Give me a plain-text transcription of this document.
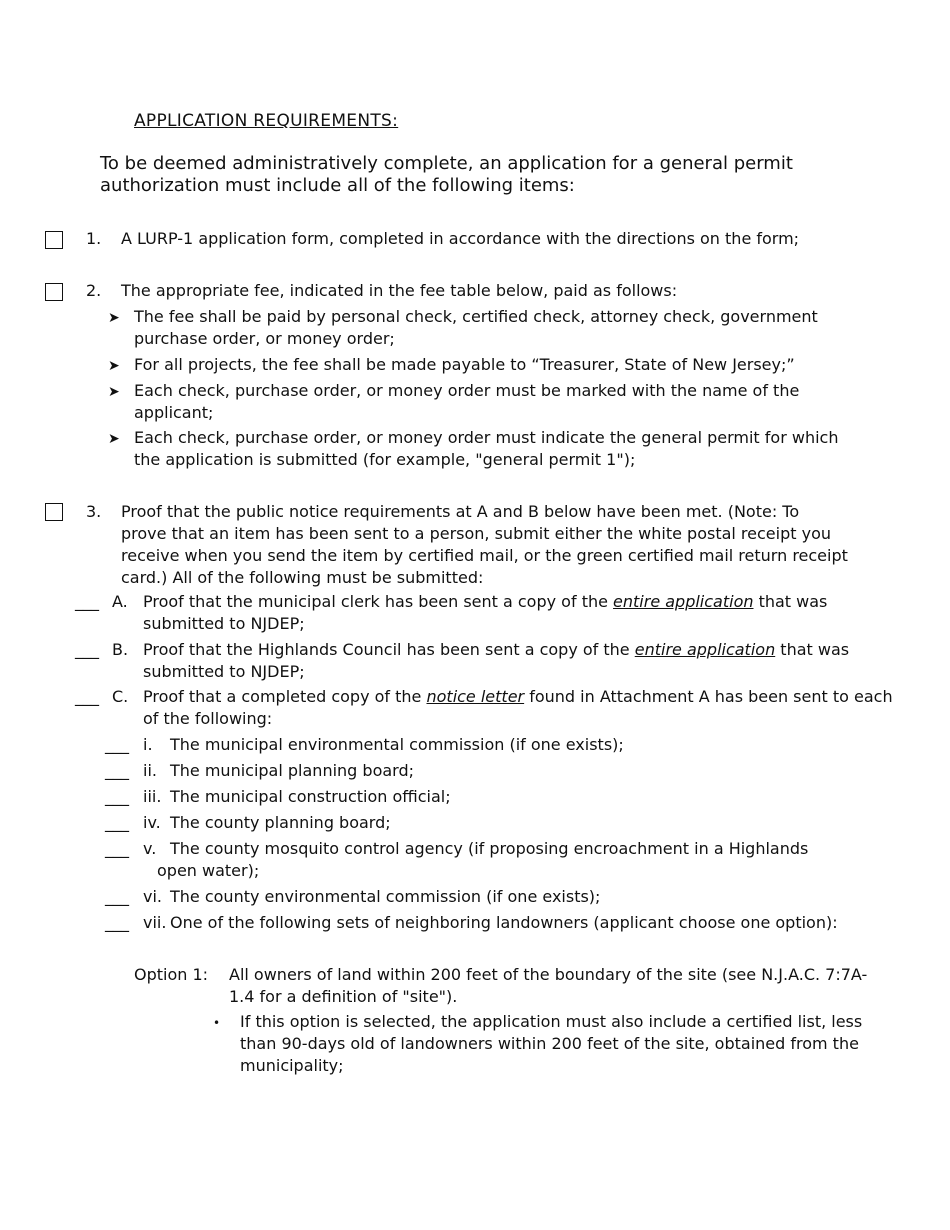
APPLICATION REQUIREMENTS:
To be deemed administratively complete, an application for a general permit
authorization must include all of the following items:
1. A LURP-1 application form, completed in accordance with the directions on the form;
2. The appropriate fee, indicated in the fee table below, paid as follows:
➤ The fee shall be paid by personal check, certified check, attorney check, government
purchase order, or money order;
➤ For all projects, the fee shall be made payable to “Treasurer, State of New Jersey;”
➤ Each check, purchase order, or money order must be marked with the name of the
applicant;
➤ Each check, purchase order, or money order must indicate the general permit for which
the application is submitted (for example, "general permit 1");
3. Proof that the public notice requirements at A and B below have been met. (Note: To
prove that an item has been sent to a person, submit either the white postal receipt you
receive when you send the item by certified mail, or the green certified mail return receipt
card.) All of the following must be submitted:
___ A. Proof that the municipal clerk has been sent a copy of the entire application that was
submitted to NJDEP;
___ B. Proof that the Highlands Council has been sent a copy of the entire application that was
submitted to NJDEP;
___ C. Proof that a completed copy of the notice letter found in Attachment A has been sent to each
of the following:
___ i. The municipal environmental commission (if one exists);
___ ii. The municipal planning board;
___ iii. The municipal construction official;
___ iv. The county planning board;
___ v. The county mosquito control agency (if proposing encroachment in a Highlands
open water);
___ vi. The county environmental commission (if one exists);
___ vii. One of the following sets of neighboring landowners (applicant choose one option):
Option 1: All owners of land within 200 feet of the boundary of the site (see N.J.A.C. 7:7A-
1.4 for a definition of "site").
• If this option is selected, the application must also include a certified list, less
than 90-days old of landowners within 200 feet of the site, obtained from the
municipality;
